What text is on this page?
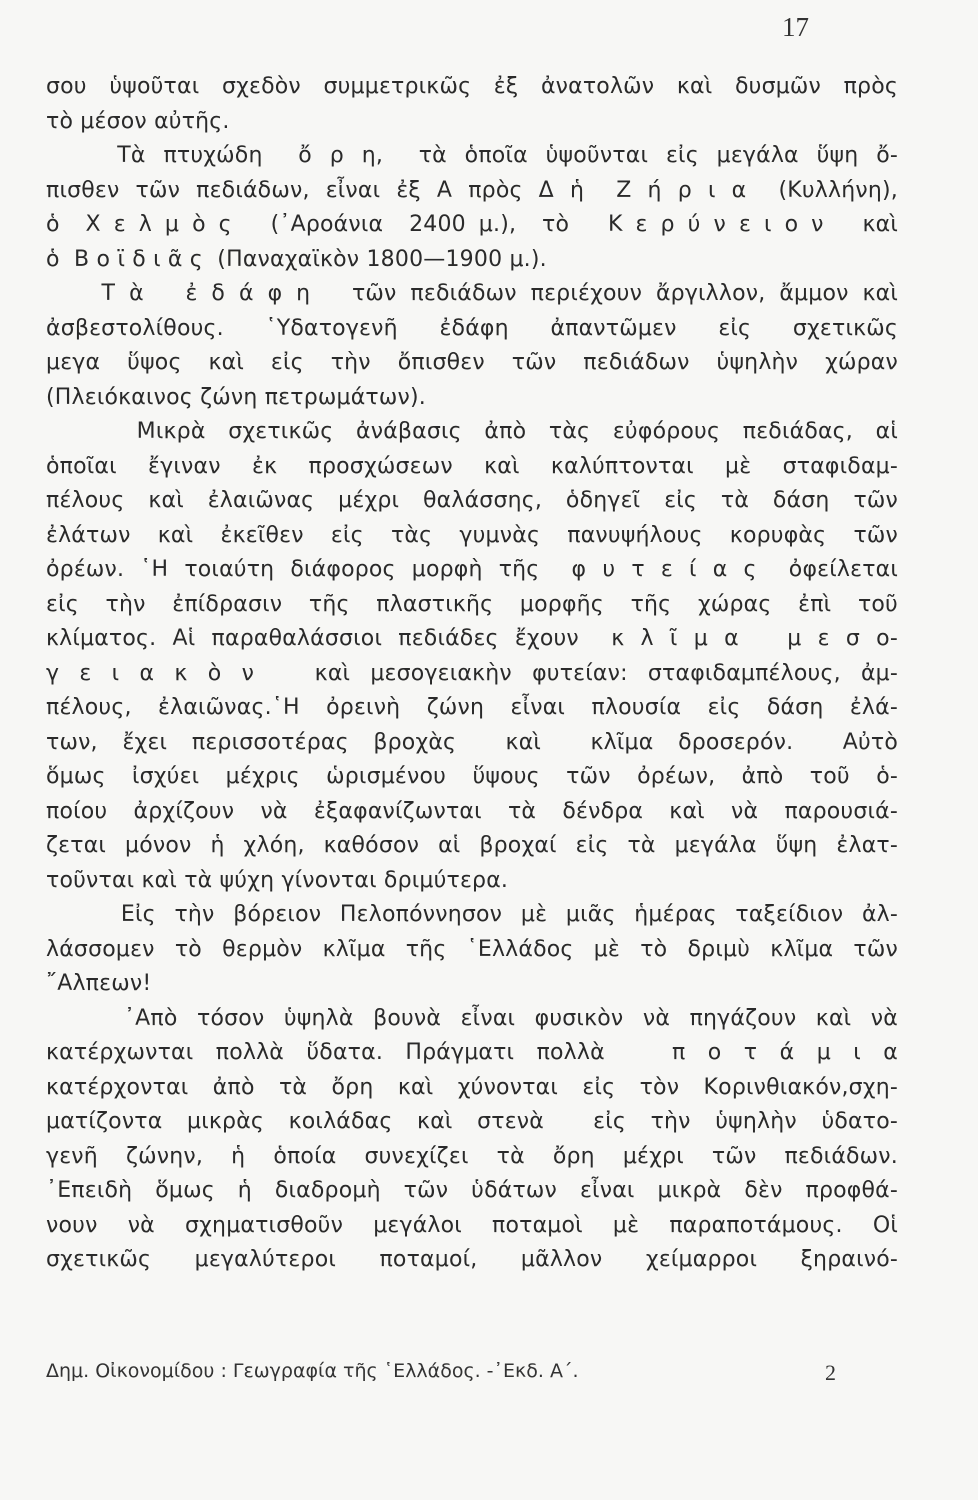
17
σου ὑψοῦται σχεδὸν συμμετρικῶς ἐξ ἀνατολῶν καὶ δυσμῶν πρὸς
τὸ μέσον αὐτῆς.
Τὰ πτυχώδη  ὄ ρ η,  τὰ ὁποῖα ὑψοῦνται εἰς μεγάλα ὕψη ὄ-
πισθεν τῶν πεδιάδων, εἶναι ἐξ Α πρὸς Δ ἡ  Ζ ή ρ ι α  (Κυλλήνη),
ὁ  Χ ε λ μ ὸ ς   (᾿Αροάνια  2400 μ.),  τὸ   Κ ε ρ ύ ν ε ι ο ν   καὶ
ὁ  Β ο ϊ δ ι ᾶ ς  (Παναχαϊκὸν 1800—1900 μ.).
Τ ὰ   ἐ δ ά φ η   τῶν πεδιάδων περιέχουν ἄργιλλον, ἄμμον καὶ
ἀσβεστολίθους. ῾Υδατογενῆ ἐδάφη ἀπαντῶμεν εἰς σχετικῶς
μεγα ὕψος καὶ εἰς τὴν ὄπισθεν τῶν πεδιάδων ὑψηλὴν χώραν
(Πλειόκαινος ζώνη πετρωμάτων).
Μικρὰ σχετικῶς ἀνάβασις ἀπὸ τὰς εὐφόρους πεδιάδας, αἱ
ὁποῖαι ἔγιναν ἐκ προσχώσεων καὶ καλύπτονται μὲ σταφιδαμ-
πέλους καὶ ἐλαιῶνας μέχρι θαλάσσης, ὁδηγεῖ εἰς τὰ δάση τῶν
ἐλάτων καὶ ἐκεῖθεν εἰς τὰς γυμνὰς πανυψήλους κορυφὰς τῶν
ὀρέων. ῾Η τοιαύτη διάφορος μορφὴ τῆς  φ υ τ ε ί α ς  ὀφείλεται
εἰς τὴν ἐπίδρασιν τῆς πλαστικῆς μορφῆς τῆς χώρας ἐπὶ τοῦ
κλίματος. Αἱ παραθαλάσσιοι πεδιάδες ἔχουν  κ λ ῖ μ α   μ ε σ ο-
γ ε ι α κ ὸ ν   καὶ μεσογειακὴν φυτείαν: σταφιδαμπέλους, ἀμ-
πέλους, ἐλαιῶνας.῾Η ὀρεινὴ ζώνη εἶναι πλουσία εἰς δάση ἐλά-
των, ἔχει περισσοτέρας βροχὰς  καὶ  κλῖμα δροσερόν.  Αὐτὸ
ὅμως ἰσχύει μέχρις ὡρισμένου ὕψους τῶν ὀρέων, ἀπὸ τοῦ ὁ-
ποίου ἀρχίζουν νὰ ἐξαφανίζωνται τὰ δένδρα καὶ νὰ παρουσιά-
ζεται μόνον ἡ χλόη, καθόσον αἱ βροχαί εἰς τὰ μεγάλα ὕψη ἐλατ-
τοῦνται καὶ τὰ ψύχη γίνονται δριμύτερα.
Εἰς τὴν βόρειον Πελοπόννησον μὲ μιᾶς ἡμέρας ταξείδιον ἀλ-
λάσσομεν τὸ θερμὸν κλῖμα τῆς ῾Ελλάδος μὲ τὸ δριμὺ κλῖμα τῶν
῎Αλπεων!
᾿Απὸ τόσον ὑψηλὰ βουνὰ εἶναι φυσικὸν νὰ πηγάζουν καὶ νὰ
κατέρχωνται πολλὰ ὕδατα. Πράγματι πολλὰ   π ο τ ά μ ι α
κατέρχονται ἀπὸ τὰ ὄρη καὶ χύνονται εἰς τὸν Κορινθιακόν,σχη-
ματίζοντα μικρὰς κοιλάδας καὶ στενὰ  εἰς τὴν ὑψηλὴν ὑδατο-
γενῆ ζώνην, ἡ ὁποία συνεχίζει τὰ ὄρη μέχρι τῶν πεδιάδων.
᾿Επειδὴ ὅμως ἡ διαδρομὴ τῶν ὑδάτων εἶναι μικρὰ δὲν προφθά-
νουν νὰ σχηματισθοῦν μεγάλοι ποταμοὶ μὲ παραποτάμους. Οἱ
σχετικῶς μεγαλύτεροι ποταμοί, μᾶλλον χείμαρροι ξηραινό-
Δημ. Οἰκονομίδου : Γεωγραφία τῆς ῾Ελλάδος. -᾿Εκδ. Α΄.	2
